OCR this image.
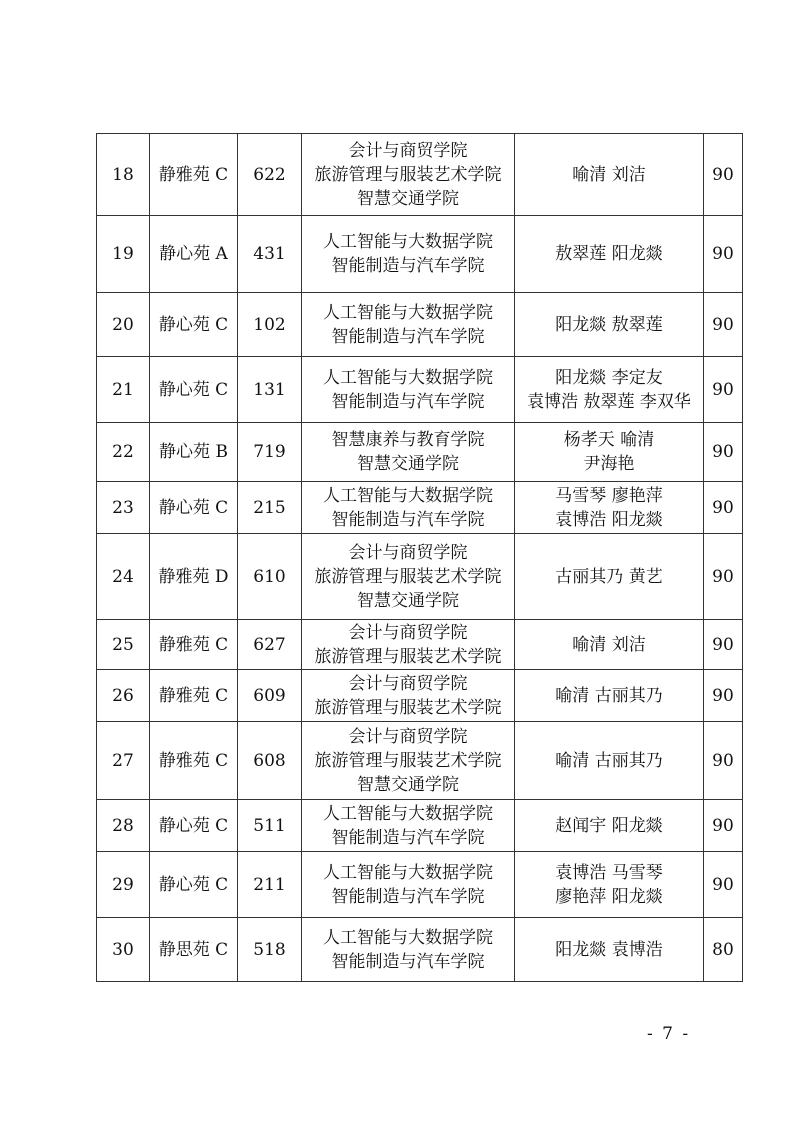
18	静雅苑 C	622	会计与商贸学院
旅游管理与服装艺术学院
智慧交通学院	喻清 刘洁	90
19	静心苑 A	431	人工智能与大数据学院
智能制造与汽车学院	敖翠莲 阳龙燚	90
20	静心苑 C	102	人工智能与大数据学院
智能制造与汽车学院	阳龙燚 敖翠莲	90
21	静心苑 C	131	人工智能与大数据学院
智能制造与汽车学院	阳龙燚 李定友
袁博浩 敖翠莲 李双华	90
22	静心苑 B	719	智慧康养与教育学院
智慧交通学院	杨孝天 喻清
尹海艳	90
23	静心苑 C	215	人工智能与大数据学院
智能制造与汽车学院	马雪琴 廖艳萍
袁博浩 阳龙燚	90
24	静雅苑 D	610	会计与商贸学院
旅游管理与服装艺术学院
智慧交通学院	古丽其乃 黄艺	90
25	静雅苑 C	627	会计与商贸学院
旅游管理与服装艺术学院	喻清 刘洁	90
26	静雅苑 C	609	会计与商贸学院
旅游管理与服装艺术学院	喻清 古丽其乃	90
27	静雅苑 C	608	会计与商贸学院
旅游管理与服装艺术学院
智慧交通学院	喻清 古丽其乃	90
28	静心苑 C	511	人工智能与大数据学院
智能制造与汽车学院	赵闻宇 阳龙燚	90
29	静心苑 C	211	人工智能与大数据学院
智能制造与汽车学院	袁博浩 马雪琴
廖艳萍 阳龙燚	90
30	静思苑 C	518	人工智能与大数据学院
智能制造与汽车学院	阳龙燚 袁博浩	80
- 7 -
